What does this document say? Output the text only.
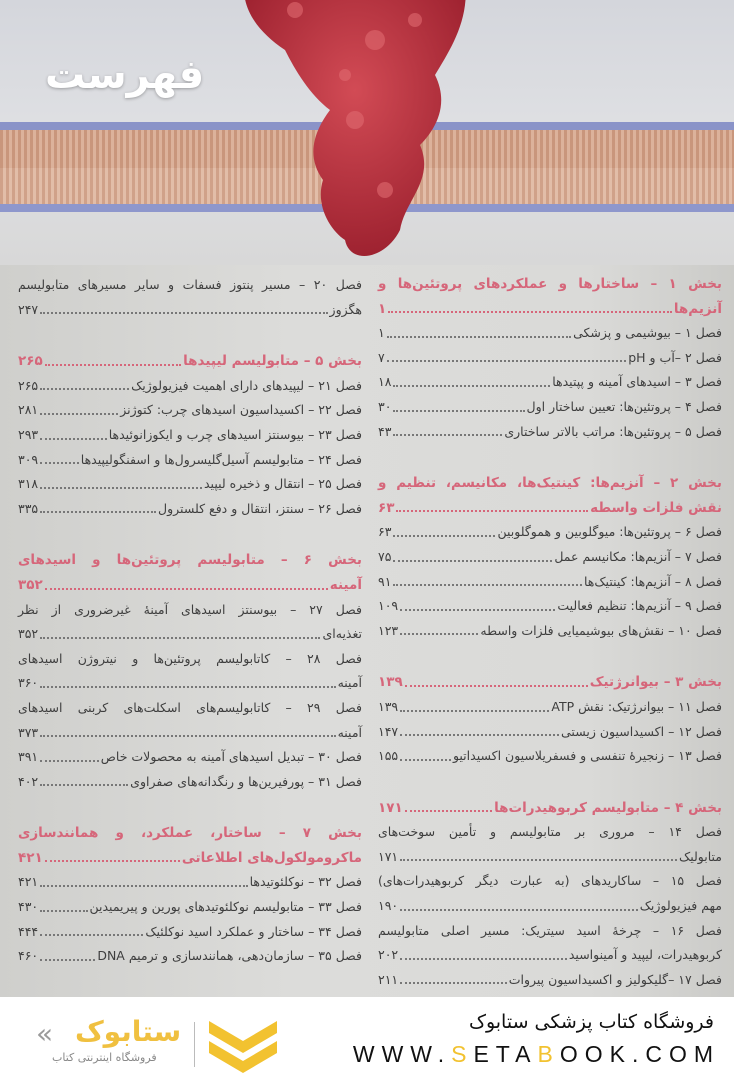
فهرست
بخش ۱ – ساختارها و عملکردهای پروتئین‌ها و
آنزیم‌ها
۱
فصل ۱ – بیوشیمی و پزشکی
۱
فصل ۲ –آب و pH
۷
فصل ۳ – اسیدهای آمینه و پپتیدها
۱۸
فصل ۴ – پروتئین‌ها: تعیین ساختار اول
۳۰
فصل ۵ – پروتئین‌ها: مراتب بالاتر ساختاری
۴۳
بخش ۲ – آنزیم‌ها: کینتیک‌ها، مکانیسم، تنظیم و
نقش فلزات واسطه
۶۳
فصل ۶ – پروتئین‌ها: میوگلوبین و هموگلوبین
۶۳
فصل ۷ – آنزیم‌ها: مکانیسم عمل
۷۵
فصل ۸ – آنزیم‌ها: کینتیک‌ها
۹۱
فصل ۹ – آنزیم‌ها: تنظیم فعالیت
۱۰۹
فصل ۱۰ – نقش‌های بیوشیمیایی فلزات واسطه
۱۲۳
بخش ۳ – بیوانرژتیک
۱۳۹
فصل ۱۱ – بیوانرژتیک: نقش ATP
۱۳۹
فصل ۱۲ – اکسیداسیون زیستی
۱۴۷
فصل ۱۳ – زنجیرهٔ تنفسی و فسفریلاسیون اکسیداتیو
۱۵۵
بخش ۴ – متابولیسم کربوهیدرات‌ها
۱۷۱
فصل ۱۴ – مروری بر متابولیسم و تأمین سوخت‌های
متابولیک
۱۷۱
فصل ۱۵ – ساکاریدهای (به عبارت دیگر کربوهیدرات‌های)
مهم فیزیولوژیک
۱۹۰
فصل ۱۶ – چرخهٔ اسید سیتریک: مسیر اصلی متابولیسم
کربوهیدرات، لیپید و آمینواسید
۲۰۲
فصل ۱۷ –گلیکولیز و اکسیداسیون پیروات
۲۱۱
فصل ۲۰ – مسیر پنتوز فسفات و سایر مسیرهای متابولیسم
هگزوز
۲۴۷
بخش ۵ – متابولیسم لیپیدها
۲۶۵
فصل ۲۱ – لیپیدهای دارای اهمیت فیزیولوژیک
۲۶۵
فصل ۲۲ – اکسیداسیون اسیدهای چرب: کتوژنز
۲۸۱
فصل ۲۳ – بیوسنتز اسیدهای چرب و ایکوزانوئیدها
۲۹۳
فصل ۲۴ – متابولیسم آسیل‌گلیسرول‌ها و اسفنگولیپیدها
۳۰۹
فصل ۲۵ – انتقال و ذخیره لیپید
۳۱۸
فصل ۲۶ – سنتز، انتقال و دفع کلسترول
۳۳۵
بخش ۶ – متابولیسم پروتئین‌ها و اسیدهای
آمینه
۳۵۲
فصل ۲۷ – بیوسنتز اسیدهای آمینهٔ غیرضروری از نظر
تغذیه‌ای
۳۵۲
فصل ۲۸ – کاتابولیسم پروتئین‌ها و نیتروژن اسیدهای
آمینه
۳۶۰
فصل ۲۹ – کاتابولیسم‌های اسکلت‌های کربنی اسیدهای
آمینه
۳۷۳
فصل ۳۰ – تبدیل اسیدهای آمینه به محصولات خاص
۳۹۱
فصل ۳۱ – پورفیرین‌ها و رنگدانه‌های صفراوی
۴۰۲
بخش ۷ – ساختار، عملکرد، و همانندسازی
ماکرومولکول‌های اطلاعاتی
۴۲۱
فصل ۳۲ – نوکلئوتیدها
۴۲۱
فصل ۳۳ – متابولیسم نوکلئوتیدهای پورین و پیریمیدین
۴۳۰
فصل ۳۴ – ساختار و عملکرد اسید نوکلئیک
۴۴۴
فصل ۳۵ – سازمان‌دهی، همانندسازی و ترمیم DNA
۴۶۰
فروشگاه کتاب پزشکی ستابوک
WWW.SETABOOK.COM
« ستابوک
فروشگاه اینترنتی کتاب
